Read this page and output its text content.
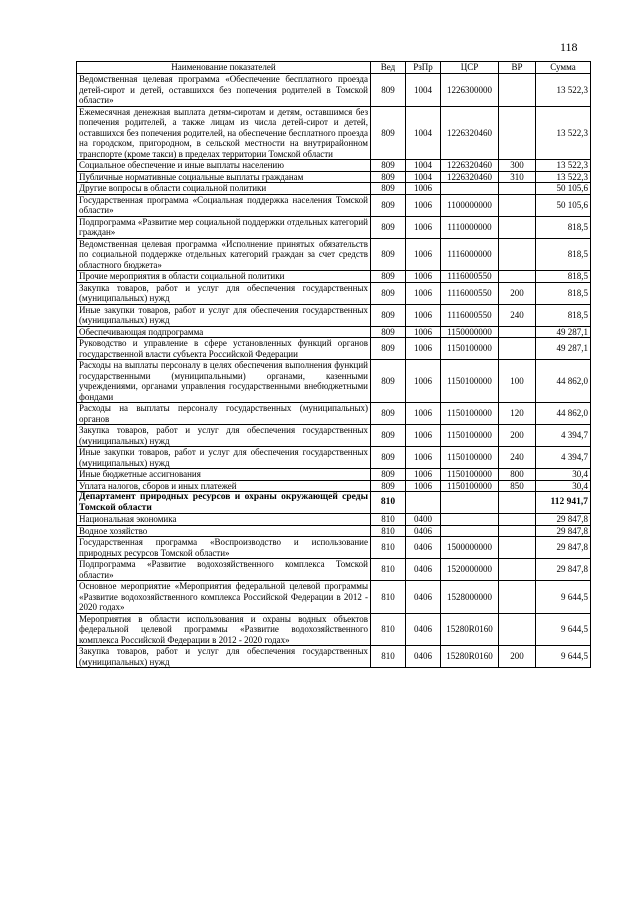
118
Наименование показателей	Вед	РзПр	ЦСР	ВР	Сумма
Ведомственная целевая программа «Обеспечение бесплатного проезда детей-сирот и детей, оставшихся без попечения родителей в Томской области»	809	1004	1226300000		13 522,3
Ежемесячная денежная выплата детям-сиротам и детям, оставшимся без попечения родителей, а также лицам из числа детей-сирот и детей, оставшихся без попечения родителей, на обеспечение бесплатного проезда на городском, пригородном, в сельской местности на внутрирайонном транспорте (кроме такси) в пределах территории Томской области	809	1004	1226320460		13 522,3
Социальное обеспечение и иные выплаты населению	809	1004	1226320460	300	13 522,3
Публичные нормативные социальные выплаты гражданам	809	1004	1226320460	310	13 522,3
Другие вопросы в области социальной политики	809	1006			50 105,6
Государственная программа «Социальная поддержка населения Томской области»	809	1006	1100000000		50 105,6
Подпрограмма «Развитие мер социальной поддержки отдельных категорий граждан»	809	1006	1110000000		818,5
Ведомственная целевая программа «Исполнение принятых обязательств по социальной поддержке отдельных категорий граждан за счет средств областного бюджета»	809	1006	1116000000		818,5
Прочие мероприятия в области социальной политики	809	1006	1116000550		818,5
Закупка товаров, работ и услуг для обеспечения государственных (муниципальных) нужд	809	1006	1116000550	200	818,5
Иные закупки товаров, работ и услуг для обеспечения государственных (муниципальных) нужд	809	1006	1116000550	240	818,5
Обеспечивающая подпрограмма	809	1006	1150000000		49 287,1
Руководство и управление в сфере установленных функций органов государственной власти субъекта Российской Федерации	809	1006	1150100000		49 287,1
Расходы на выплаты персоналу в целях обеспечения выполнения функций государственными (муниципальными) органами, казенными учреждениями, органами управления государственными внебюджетными фондами	809	1006	1150100000	100	44 862,0
Расходы на выплаты персоналу государственных (муниципальных) органов	809	1006	1150100000	120	44 862,0
Закупка товаров, работ и услуг для обеспечения государственных (муниципальных) нужд	809	1006	1150100000	200	4 394,7
Иные закупки товаров, работ и услуг для обеспечения государственных (муниципальных) нужд	809	1006	1150100000	240	4 394,7
Иные бюджетные ассигнования	809	1006	1150100000	800	30,4
Уплата налогов, сборов и иных платежей	809	1006	1150100000	850	30,4
Департамент природных ресурсов и охраны окружающей среды Томской области	810				112 941,7
Национальная экономика	810	0400			29 847,8
Водное хозяйство	810	0406			29 847,8
Государственная программа «Воспроизводство и использование природных ресурсов Томской области»	810	0406	1500000000		29 847,8
Подпрограмма «Развитие водохозяйственного комплекса Томской области»	810	0406	1520000000		29 847,8
Основное мероприятие «Мероприятия федеральной целевой программы «Развитие водохозяйственного комплекса Российской Федерации в 2012 - 2020 годах»	810	0406	1528000000		9 644,5
Мероприятия в области использования и охраны водных объектов федеральной целевой программы «Развитие водохозяйственного комплекса Российской Федерации в 2012 - 2020 годах»	810	0406	15280R0160		9 644,5
Закупка товаров, работ и услуг для обеспечения государственных (муниципальных) нужд	810	0406	15280R0160	200	9 644,5
